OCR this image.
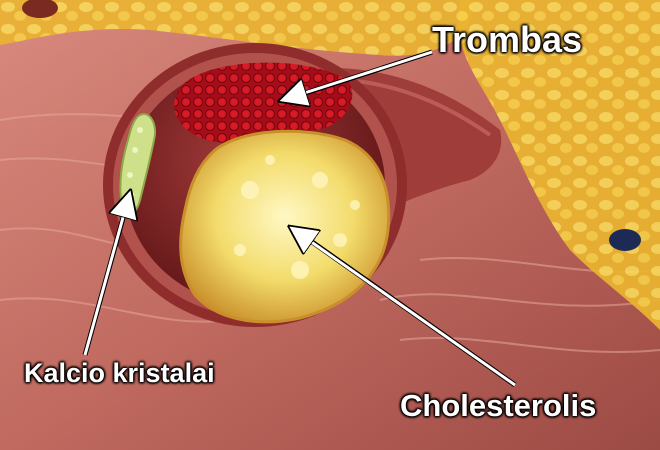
Trombas
Kalcio kristalai
Cholesterolis
